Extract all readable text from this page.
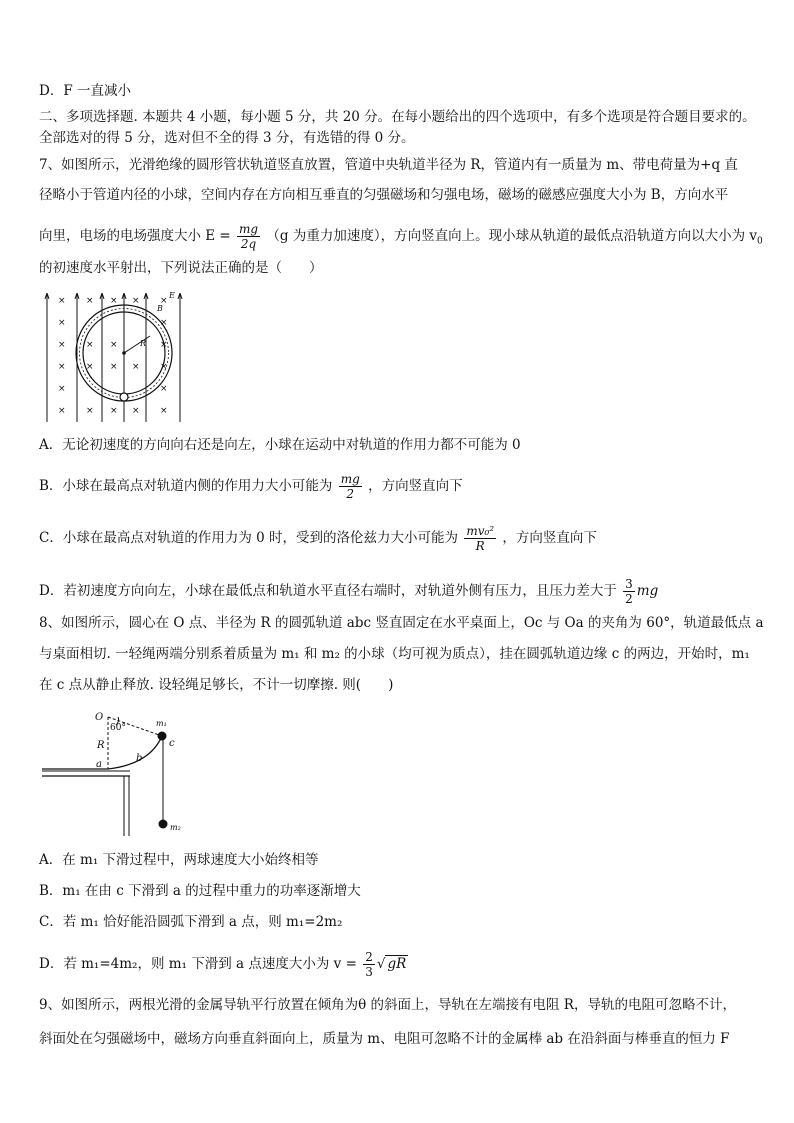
D．F 一直减小
二、多项选择题. 本题共 4 小题，每小题 5 分，共 20 分。在每小题给出的四个选项中，有多个选项是符合题目要求的。
全部选对的得 5 分，选对但不全的得 3 分，有选错的得 0 分。
7、如图所示，光滑绝缘的圆形管状轨道竖直放置，管道中央轨道半径为 R，管道内有一质量为 m、带电荷量为+q 直
径略小于管道内径的小球，空间内存在方向相互垂直的匀强磁场和匀强电场，磁场的磁感应强度大小为 B，方向水平
向里，电场的电场强度大小 $E = \frac{mg}{2q} (g$ 为重力加速度），方向竖直向上。现小球从轨道的最低点沿轨道方向以大小为 $v_0$
的初速度水平射出，下列说法正确的是（　　）
× × × × ×
×	×
× × ×	×
× × × × ×
×	×
× × × × ×
E
B
R
A．无论初速度的方向向右还是向左，小球在运动中对轨道的作用力都不可能为 0
B．小球在最高点对轨道内侧的作用力大小可能为 $\frac{mg}{2}$ ，方向竖直向下
C．小球在最高点对轨道的作用力为 0 时，受到的洛伦兹力大小可能为 $\frac{\text{mv₀²}}{R}$ ，方向竖直向下
D．若初速度方向向左，小球在最低点和轨道水平直径右端时，对轨道外侧有压力，且压力差大于 $\frac{3}{2}$ mg
8、如图所示，圆心在 O 点、半径为 R 的圆弧轨道 abc 竖直固定在水平桌面上，Oc 与 Oa 的夹角为 60°，轨道最低点 a
与桌面相切. 一轻绳两端分别系着质量为 m₁ 和 m₂ 的小球（均可视为质点），挂在圆弧轨道边缘 c 的两边，开始时，m₁
在 c 点从静止释放. 设轻绳足够长，不计一切摩擦. 则(　　)
O
60°
R
a
b
c
m₁
m₂
A．在 m₁ 下滑过程中，两球速度大小始终相等
B．m₁ 在由 c 下滑到 a 的过程中重力的功率逐渐增大
C．若 m₁ 恰好能沿圆弧下滑到 a 点，则 m₁=2m₂
D．若 m₁=4m₂，则 m₁ 下滑到 a 点速度大小为 $v = \frac{2}{3}$ √ gR
9、如图所示，两根光滑的金属导轨平行放置在倾角为θ 的斜面上，导轨在左端接有电阻 R，导轨的电阻可忽略不计，
斜面处在匀强磁场中，磁场方向垂直斜面向上，质量为 m、电阻可忽略不计的金属棒 ab 在沿斜面与棒垂直的恒力 F
